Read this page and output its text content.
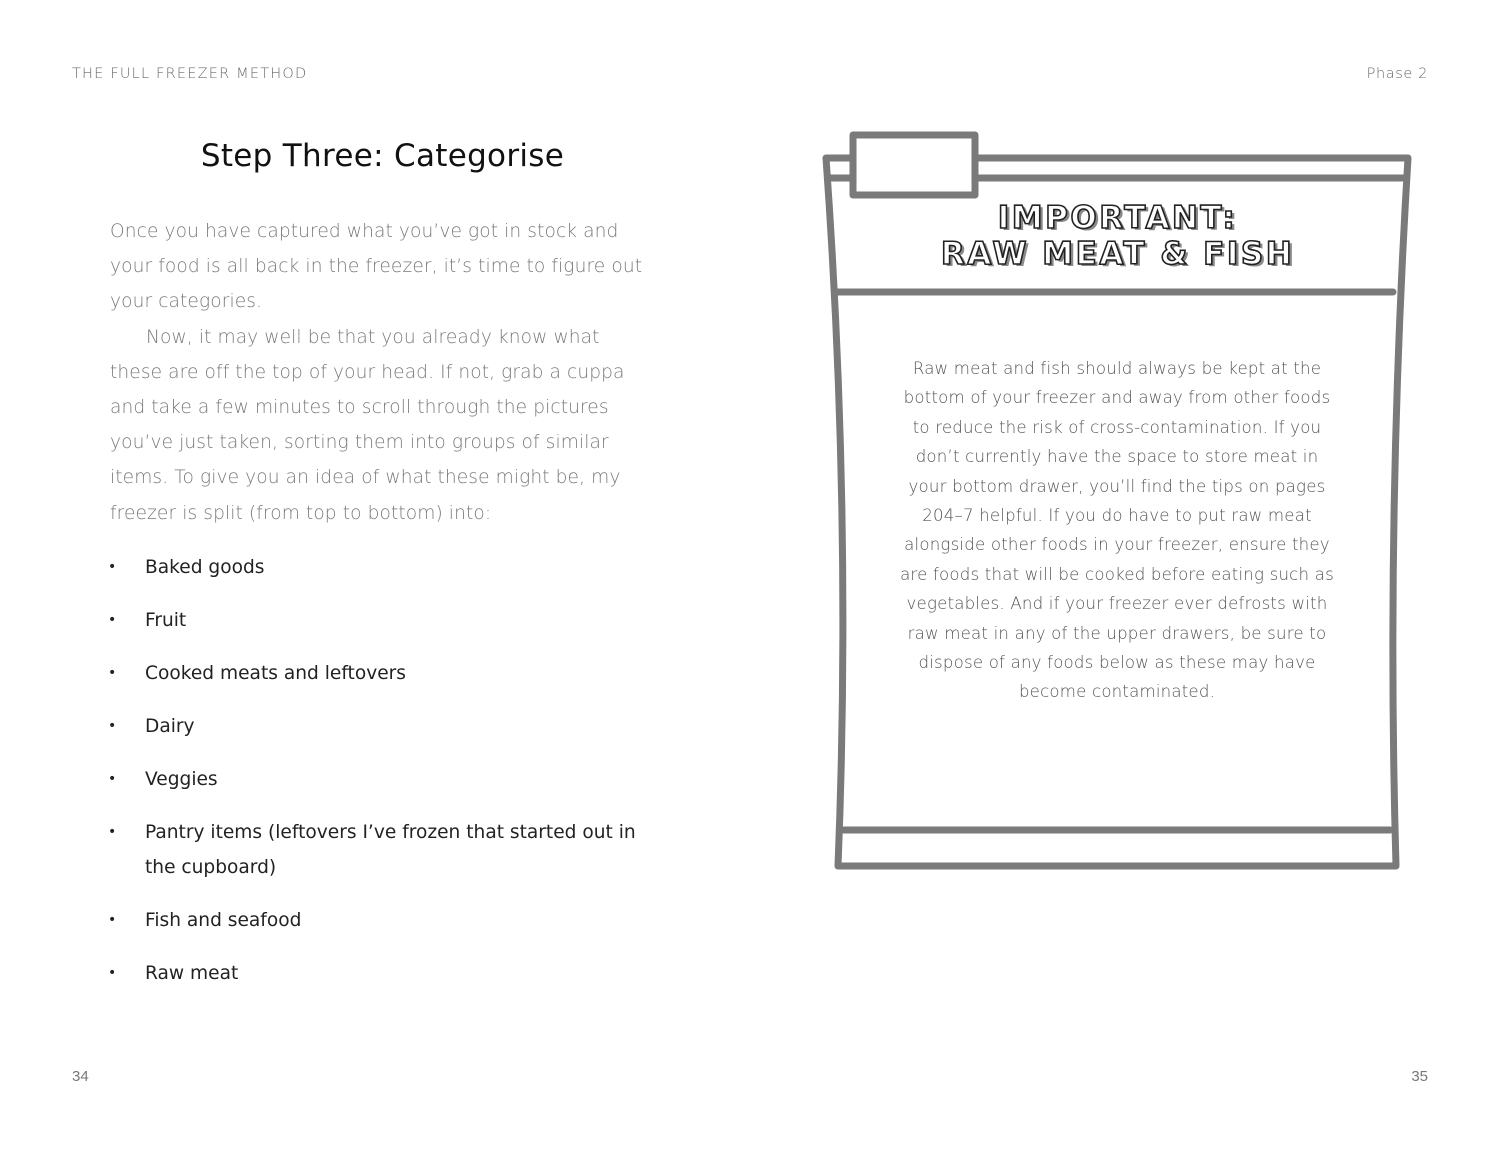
THE FULL FREEZER METHOD	Phase 2
Step Three: Categorise

Once you have captured what you’ve got in stock and your food is all back in the freezer, it’s time to figure out your categories.

Now, it may well be that you already know what these are off the top of your head. If not, grab a cuppa and take a few minutes to scroll through the pictures you’ve just taken, sorting them into groups of similar items. To give you an idea of what these might be, my freezer is split (from top to bottom) into:

• Baked goods
• Fruit
• Cooked meats and leftovers
• Dairy
• Veggies
• Pantry items (leftovers I’ve frozen that started out in the cupboard)
• Fish and seafood
• Raw meat
34
IMPORTANT:
RAW MEAT & FISH
Raw meat and fish should always be kept at the bottom of your freezer and away from other foods to reduce the risk of cross-contamination. If you don’t currently have the space to store meat in your bottom drawer, you’ll find the tips on pages 204–7 helpful. If you do have to put raw meat alongside other foods in your freezer, ensure they are foods that will be cooked before eating such as vegetables. And if your freezer ever defrosts with raw meat in any of the upper drawers, be sure to dispose of any foods below as these may have become contaminated.
35
